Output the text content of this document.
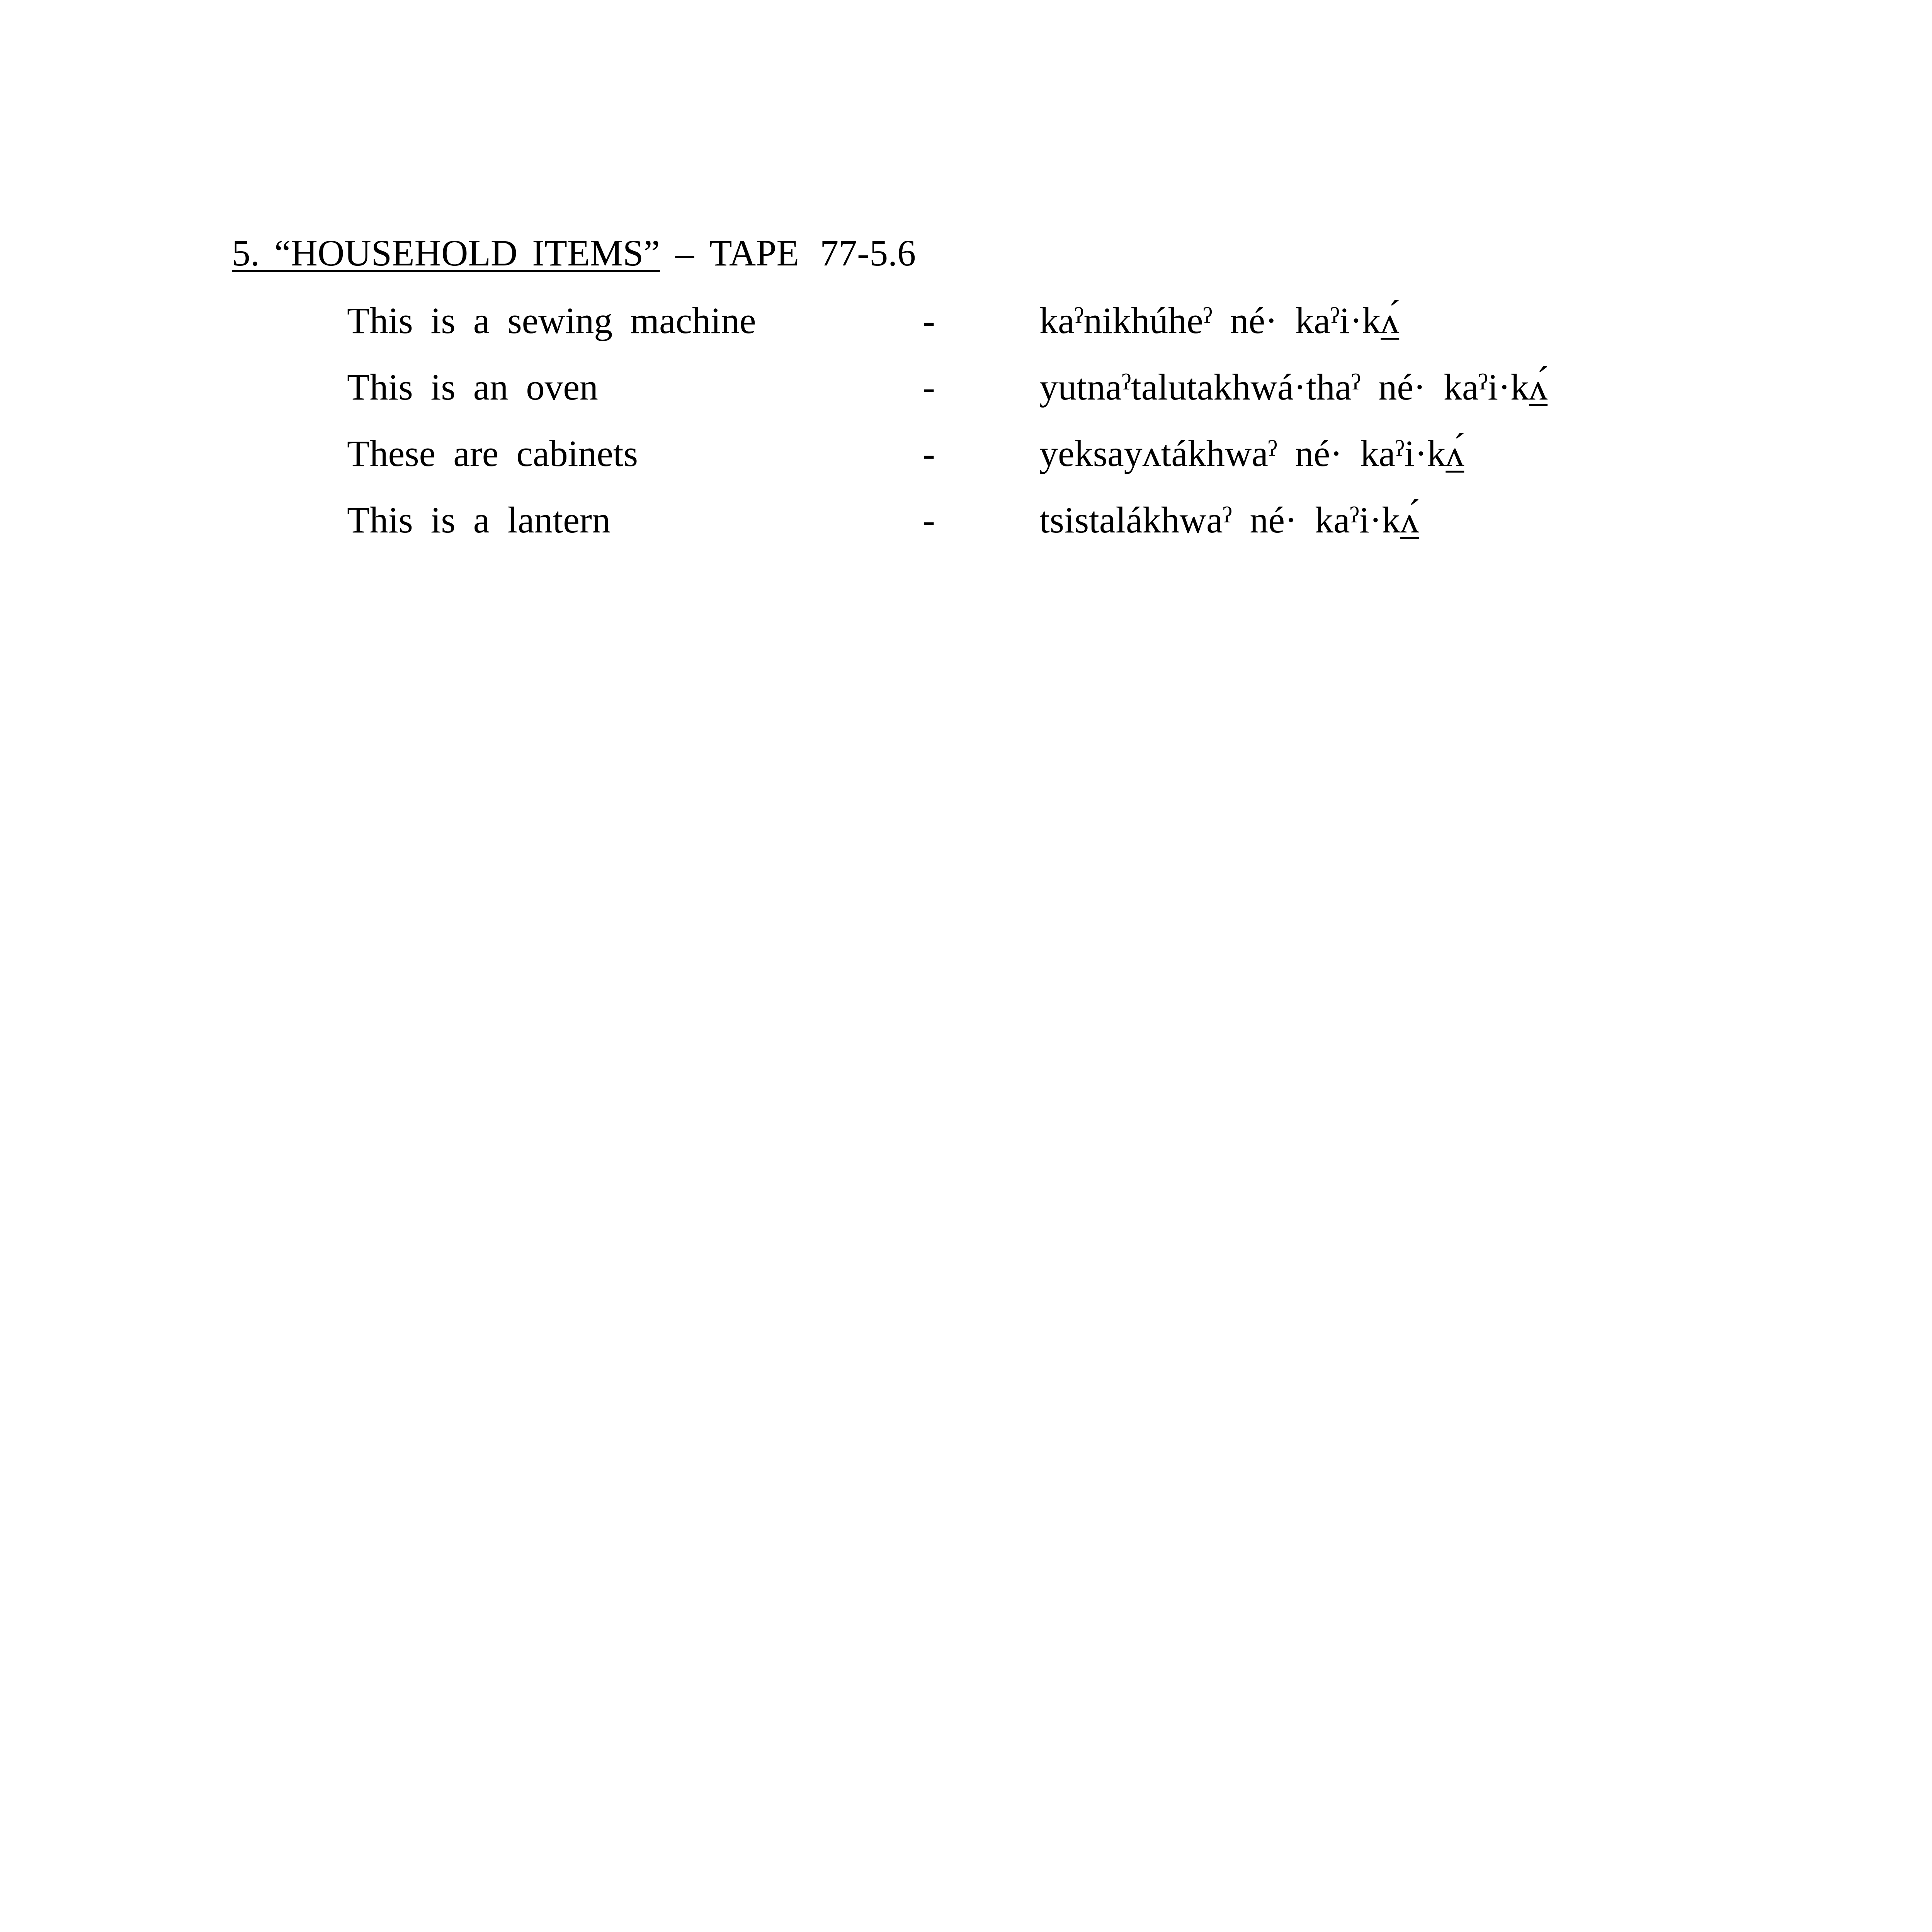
5. “HOUSEHOLD ITEMS” – TAPE 77-5.6
This is a sewing machine	-	kaˀnikhúheˀ né· kaˀi·kʌ́
This is an oven	-	yutnaˀtalutakhwá·thaˀ né· kaˀi·kʌ́
These are cabinets	-	yeksayʌtákhwaˀ né· kaˀi·kʌ́
This is a lantern	-	tsistalákhwaˀ né· kaˀi·kʌ́
